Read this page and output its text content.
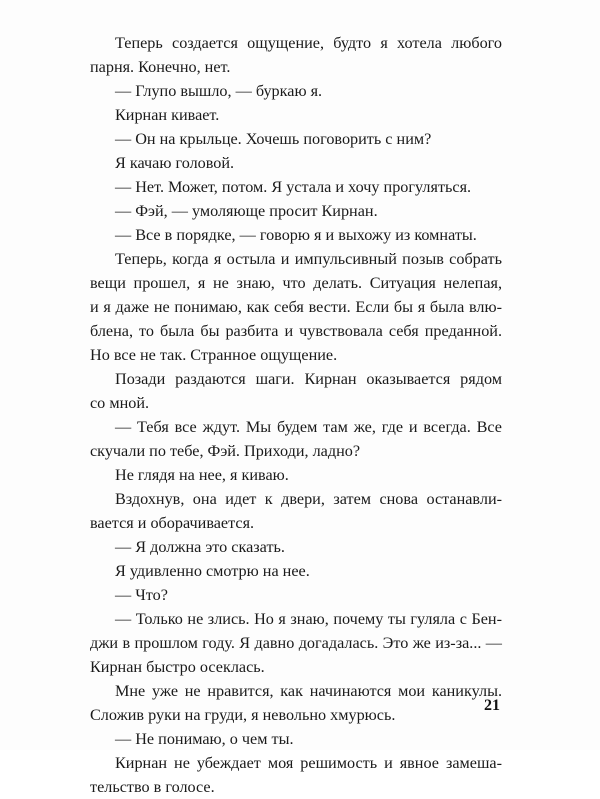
Теперь создается ощущение, будто я хотела любого
парня. Конечно, нет.
— Глупо вышло, — буркаю я.
Кирнан кивает.
— Он на крыльце. Хочешь поговорить с ним?
Я качаю головой.
— Нет. Может, потом. Я устала и хочу прогуляться.
— Фэй, — умоляюще просит Кирнан.
— Все в порядке, — говорю я и выхожу из комнаты.
Теперь, когда я остыла и импульсивный позыв собрать
вещи прошел, я не знаю, что делать. Ситуация нелепая,
и я даже не понимаю, как себя вести. Если бы я была влю-
блена, то была бы разбита и чувствовала себя преданной.
Но все не так. Странное ощущение.
Позади раздаются шаги. Кирнан оказывается рядом
со мной.
— Тебя все ждут. Мы будем там же, где и всегда. Все
скучали по тебе, Фэй. Приходи, ладно?
Не глядя на нее, я киваю.
Вздохнув, она идет к двери, затем снова останавли-
вается и оборачивается.
— Я должна это сказать.
Я удивленно смотрю на нее.
— Что?
— Только не злись. Но я знаю, почему ты гуляла с Бен-
джи в прошлом году. Я давно догадалась. Это же из-за... —
Кирнан быстро осеклась.
Мне уже не нравится, как начинаются мои каникулы.
Сложив руки на груди, я невольно хмурюсь.
— Не понимаю, о чем ты.
Кирнан не убеждает моя решимость и явное замеша-
тельство в голосе.
21
